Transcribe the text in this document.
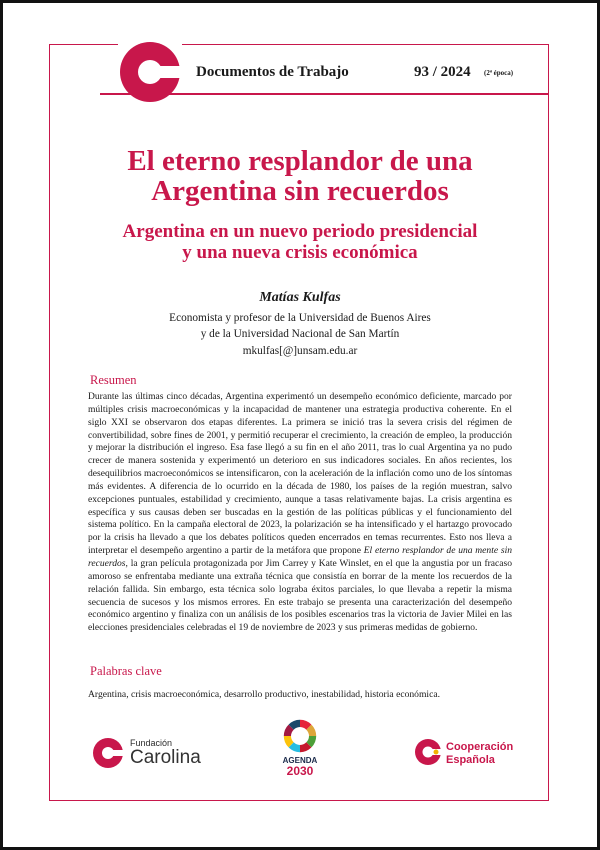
Documentos de Trabajo	93 / 2024 (2ª época)
El eterno resplandor de una
Argentina sin recuerdos
Argentina en un nuevo periodo presidencial
y una nueva crisis económica
Matías Kulfas
Economista y profesor de la Universidad de Buenos Aires
y de la Universidad Nacional de San Martín
mkulfas[@]unsam.edu.ar
Resumen
Durante las últimas cinco décadas, Argentina experimentó un desempeño económico deficiente, marcado por múltiples crisis macroeconómicas y la incapacidad de mantener una estrategia productiva coherente. En el siglo XXI se observaron dos etapas diferentes. La primera se inició tras la severa crisis del régimen de convertibilidad, sobre fines de 2001, y permitió recuperar el crecimiento, la creación de empleo, la producción y mejorar la distribución el ingreso. Esa fase llegó a su fin en el año 2011, tras lo cual Argentina ya no pudo crecer de manera sostenida y experimentó un deterioro en sus indicadores sociales. En años recientes, los desequilibrios macroeconómicos se intensificaron, con la aceleración de la inflación como uno de los síntomas más evidentes. A diferencia de lo ocurrido en la década de 1980, los países de la región muestran, salvo excepciones puntuales, estabilidad y crecimiento, aunque a tasas relativamente bajas. La crisis argentina es específica y sus causas deben ser buscadas en la gestión de las políticas públicas y el funcionamiento del sistema político. En la campaña electoral de 2023, la polarización se ha intensificado y el hartazgo provocado por la crisis ha llevado a que los debates políticos queden encerrados en temas recurrentes. Esto nos lleva a interpretar el desempeño argentino a partir de la metáfora que propone El eterno resplandor de una mente sin recuerdos, la gran película protagonizada por Jim Carrey y Kate Winslet, en el que la angustia por un fracaso amoroso se enfrentaba mediante una extraña técnica que consistía en borrar de la mente los recuerdos de la relación fallida. Sin embargo, esta técnica solo lograba éxitos parciales, lo que llevaba a repetir la misma secuencia de sucesos y los mismos errores. En este trabajo se presenta una caracterización del desempeño económico argentino y finaliza con un análisis de los posibles escenarios tras la victoria de Javier Milei en las elecciones presidenciales celebradas el 19 de noviembre de 2023 y sus primeras medidas de gobierno.
Palabras clave
Argentina, crisis macroeconómica, desarrollo productivo, inestabilidad, historia económica.
Fundación
Carolina	AGENDA
2030
Cooperación
Española
